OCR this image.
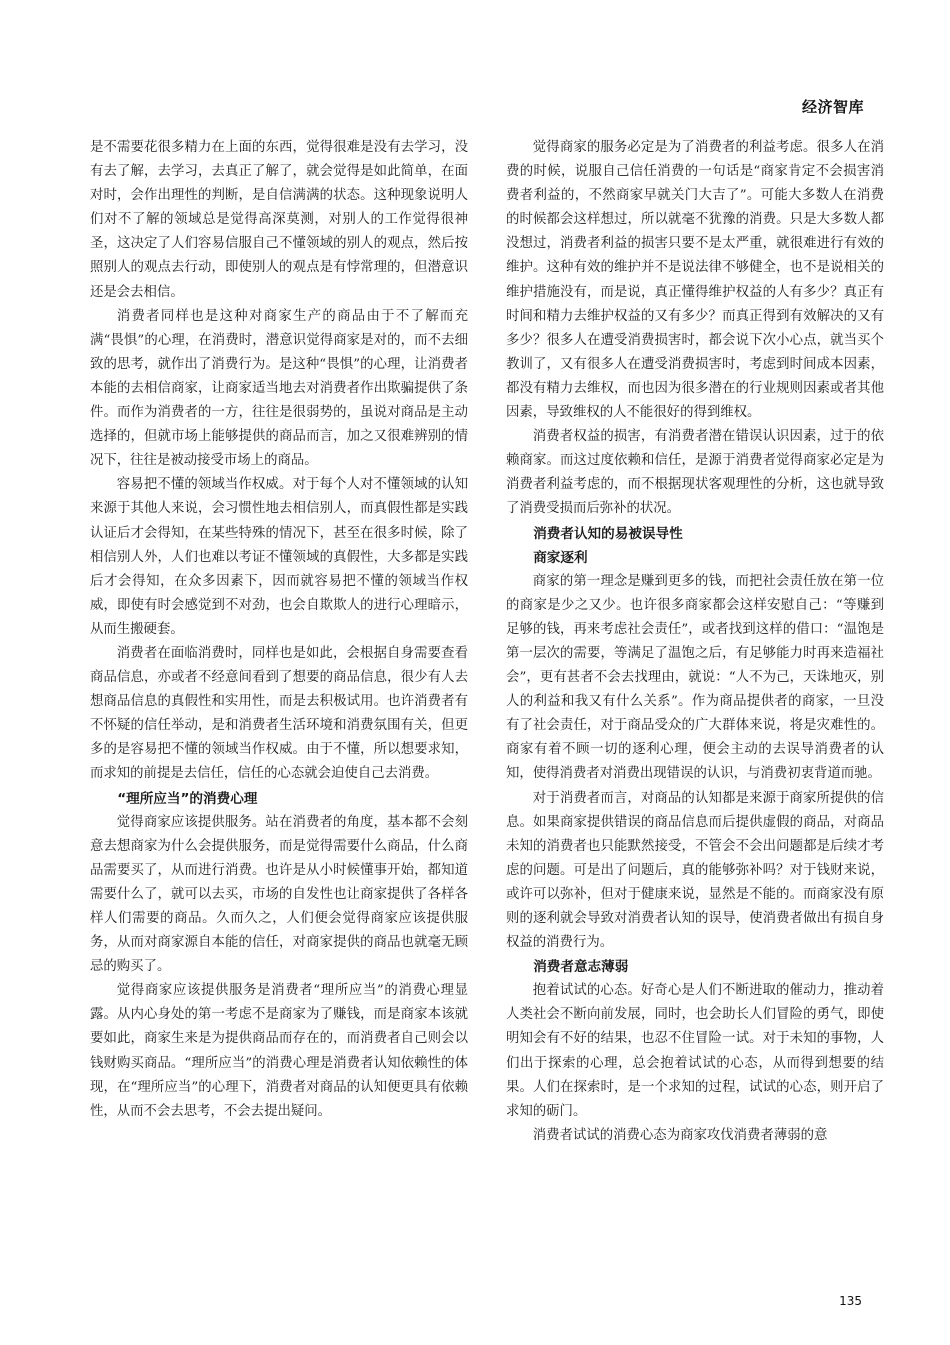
经济智库

是不需要花很多精力在上面的东西，觉得很难是没有去学习，没有去了解，去学习，去真正了解了，就会觉得是如此简单，在面对时，会作出理性的判断，是自信满满的状态。这种现象说明人们对不了解的领域总是觉得高深莫测，对别人的工作觉得很神圣，这决定了人们容易信服自己不懂领域的别人的观点，然后按照别人的观点去行动，即使别人的观点是有悖常理的，但潜意识还是会去相信。

消费者同样也是这种对商家生产的商品由于不了解而充满“畏惧”的心理，在消费时，潜意识觉得商家是对的，而不去细致的思考，就作出了消费行为。是这种“畏惧”的心理，让消费者本能的去相信商家，让商家适当地去对消费者作出欺骗提供了条件。而作为消费者的一方，往往是很弱势的，虽说对商品是主动选择的，但就市场上能够提供的商品而言，加之又很难辨别的情况下，往往是被动接受市场上的商品。

容易把不懂的领域当作权威。对于每个人对不懂领域的认知来源于其他人来说，会习惯性地去相信别人，而真假性都是实践认证后才会得知，在某些特殊的情况下，甚至在很多时候，除了相信别人外，人们也难以考证不懂领域的真假性，大多都是实践后才会得知，在众多因素下，因而就容易把不懂的领域当作权威，即使有时会感觉到不对劲，也会自欺欺人的进行心理暗示，从而生搬硬套。

消费者在面临消费时，同样也是如此，会根据自身需要查看商品信息，亦或者不经意间看到了想要的商品信息，很少有人去想商品信息的真假性和实用性，而是去积极试用。也许消费者有不怀疑的信任举动，是和消费者生活环境和消费氛围有关，但更多的是容易把不懂的领域当作权威。由于不懂，所以想要求知，而求知的前提是去信任，信任的心态就会迫使自己去消费。

“理所应当”的消费心理

觉得商家应该提供服务。站在消费者的角度，基本都不会刻意去想商家为什么会提供服务，而是觉得需要什么商品，什么商品需要买了，从而进行消费。也许是从小时候懂事开始，都知道需要什么了，就可以去买，市场的自发性也让商家提供了各样各样人们需要的商品。久而久之，人们便会觉得商家应该提供服务，从而对商家源自本能的信任，对商家提供的商品也就毫无顾忌的购买了。

觉得商家应该提供服务是消费者“理所应当”的消费心理显露。从内心身处的第一考虑不是商家为了赚钱，而是商家本该就要如此，商家生来是为提供商品而存在的，而消费者自己则会以钱财购买商品。“理所应当”的消费心理是消费者认知依赖性的体现，在“理所应当”的心理下，消费者对商品的认知便更具有依赖性，从而不会去思考，不会去提出疑问。

觉得商家的服务必定是为了消费者的利益考虑。很多人在消费的时候，说服自己信任消费的一句话是“商家肯定不会损害消费者利益的，不然商家早就关门大吉了”。可能大多数人在消费的时候都会这样想过，所以就毫不犹豫的消费。只是大多数人都没想过，消费者利益的损害只要不是太严重，就很难进行有效的维护。这种有效的维护并不是说法律不够健全，也不是说相关的维护措施没有，而是说，真正懂得维护权益的人有多少？真正有时间和精力去维护权益的又有多少？而真正得到有效解决的又有多少？很多人在遭受消费损害时，都会说下次小心点，就当买个教训了，又有很多人在遭受消费损害时，考虑到时间成本因素，都没有精力去维权，而也因为很多潜在的行业规则因素或者其他因素，导致维权的人不能很好的得到维权。

消费者权益的损害，有消费者潜在错误认识因素，过于的依赖商家。而这过度依赖和信任，是源于消费者觉得商家必定是为消费者利益考虑的，而不根据现状客观理性的分析，这也就导致了消费受损而后弥补的状况。

消费者认知的易被误导性
商家逐利

商家的第一理念是赚到更多的钱，而把社会责任放在第一位的商家是少之又少。也许很多商家都会这样安慰自己：“等赚到足够的钱，再来考虑社会责任”，或者找到这样的借口：“温饱是第一层次的需要，等满足了温饱之后，有足够能力时再来造福社会”，更有甚者不会去找理由，就说：“人不为己，天诛地灭，别人的利益和我又有什么关系”。作为商品提供者的商家，一旦没有了社会责任，对于商品受众的广大群体来说，将是灾难性的。商家有着不顾一切的逐利心理，便会主动的去误导消费者的认知，使得消费者对消费出现错误的认识，与消费初衷背道而驰。

对于消费者而言，对商品的认知都是来源于商家所提供的信息。如果商家提供错误的商品信息而后提供虚假的商品，对商品未知的消费者也只能默然接受，不管会不会出问题都是后续才考虑的问题。可是出了问题后，真的能够弥补吗？对于钱财来说，或许可以弥补，但对于健康来说，显然是不能的。而商家没有原则的逐利就会导致对消费者认知的误导，使消费者做出有损自身权益的消费行为。

消费者意志薄弱

抱着试试的心态。好奇心是人们不断进取的催动力，推动着人类社会不断向前发展，同时，也会助长人们冒险的勇气，即使明知会有不好的结果，也忍不住冒险一试。对于未知的事物，人们出于探索的心理，总会抱着试试的心态，从而得到想要的结果。人们在探索时，是一个求知的过程，试试的心态，则开启了求知的砺门。

消费者试试的消费心态为商家攻伐消费者薄弱的意

135
